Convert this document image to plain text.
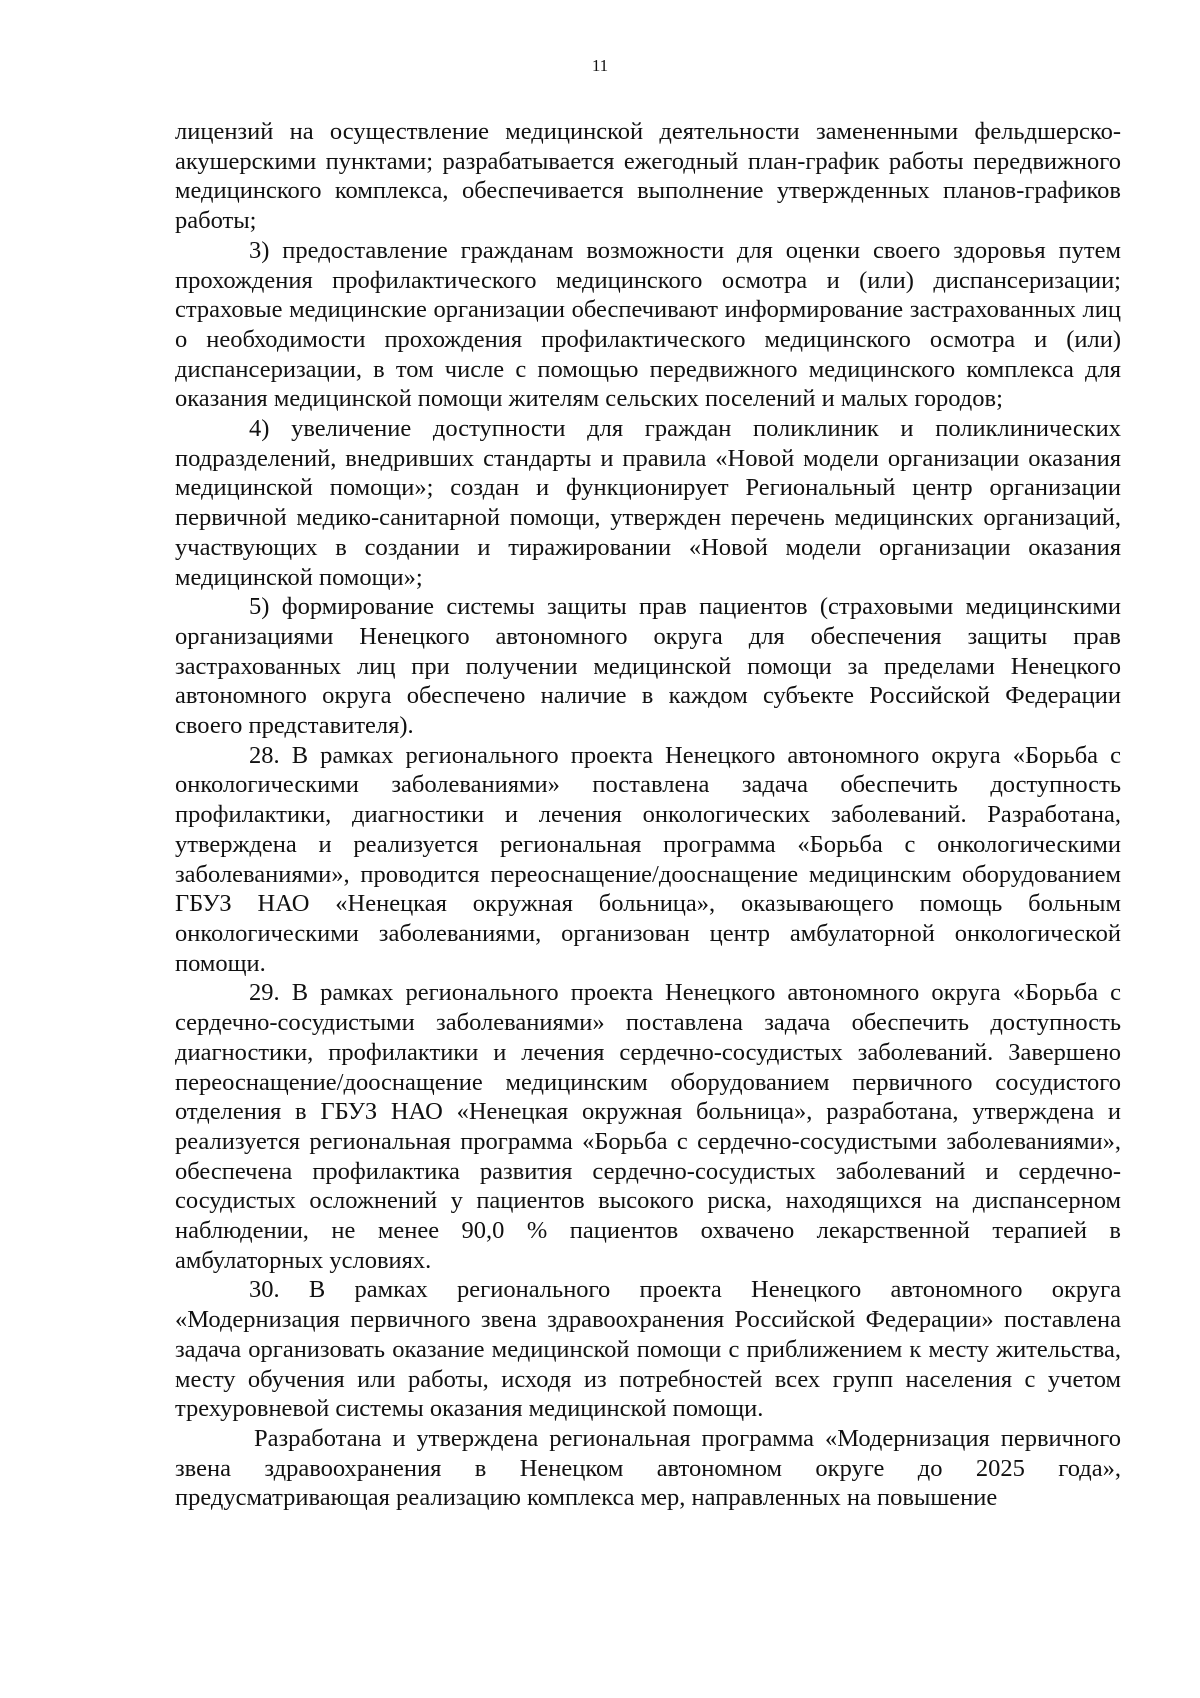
11

лицензий на осуществление медицинской деятельности замененными фельдшерско-акушерскими пунктами; разрабатывается ежегодный план-график работы передвижного медицинского комплекса, обеспечивается выполнение утвержденных планов-графиков работы;

3) предоставление гражданам возможности для оценки своего здоровья путем прохождения профилактического медицинского осмотра и (или) диспансеризации; страховые медицинские организации обеспечивают информирование застрахованных лиц о необходимости прохождения профилактического медицинского осмотра и (или) диспансеризации, в том числе с помощью передвижного медицинского комплекса для оказания медицинской помощи жителям сельских поселений и малых городов;

4) увеличение доступности для граждан поликлиник и поликлинических подразделений, внедривших стандарты и правила «Новой модели организации оказания медицинской помощи»; создан и функционирует Региональный центр организации первичной медико-санитарной помощи, утвержден перечень медицинских организаций, участвующих в создании и тиражировании «Новой модели организации оказания медицинской помощи»;

5) формирование системы защиты прав пациентов (страховыми медицинскими организациями Ненецкого автономного округа для обеспечения защиты прав застрахованных лиц при получении медицинской помощи за пределами Ненецкого автономного округа обеспечено наличие в каждом субъекте Российской Федерации своего представителя).

28. В рамках регионального проекта Ненецкого автономного округа «Борьба с онкологическими заболеваниями» поставлена задача обеспечить доступность профилактики, диагностики и лечения онкологических заболеваний. Разработана, утверждена и реализуется региональная программа «Борьба с онкологическими заболеваниями», проводится переоснащение/дооснащение медицинским оборудованием ГБУЗ НАО «Ненецкая окружная больница», оказывающего помощь больным онкологическими заболеваниями, организован центр амбулаторной онкологической помощи.

29. В рамках регионального проекта Ненецкого автономного округа «Борьба с сердечно-сосудистыми заболеваниями» поставлена задача обеспечить доступность диагностики, профилактики и лечения сердечно-сосудистых заболеваний. Завершено переоснащение/дооснащение медицинским оборудованием первичного сосудистого отделения в ГБУЗ НАО «Ненецкая окружная больница», разработана, утверждена и реализуется региональная программа «Борьба с сердечно-сосудистыми заболеваниями», обеспечена профилактика развития сердечно-сосудистых заболеваний и сердечно-сосудистых осложнений у пациентов высокого риска, находящихся на диспансерном наблюдении, не менее 90,0 % пациентов охвачено лекарственной терапией в амбулаторных условиях.

30. В рамках регионального проекта Ненецкого автономного округа «Модернизация первичного звена здравоохранения Российской Федерации» поставлена задача организовать оказание медицинской помощи с приближением к месту жительства, месту обучения или работы, исходя из потребностей всех групп населения с учетом трехуровневой системы оказания медицинской помощи.

Разработана и утверждена региональная программа «Модернизация первичного звена здравоохранения в Ненецком автономном округе до 2025 года», предусматривающая реализацию комплекса мер, направленных на повышение
